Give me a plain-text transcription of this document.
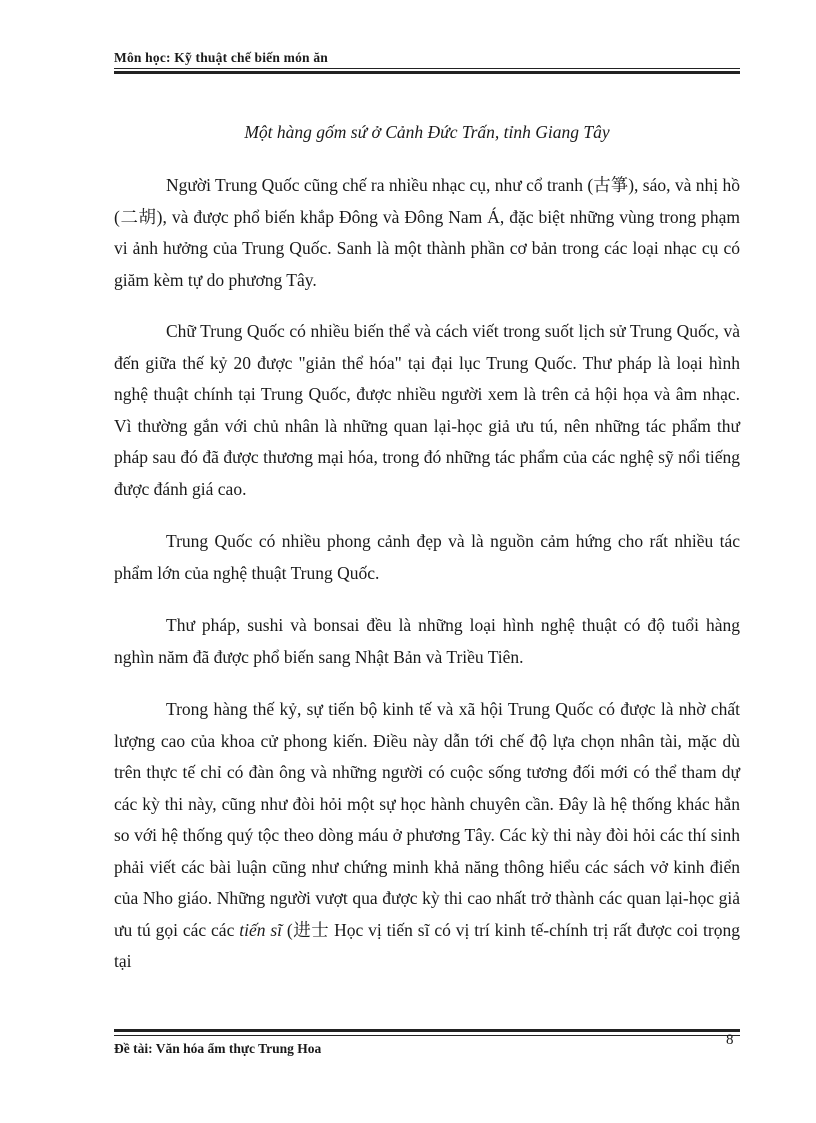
Môn học: Kỹ thuật chế biến món ăn
Một hàng gốm sứ ở Cảnh Đức Trấn, tỉnh Giang Tây

Người Trung Quốc cũng chế ra nhiều nhạc cụ, như cổ tranh (古箏), sáo, và nhị hồ (二胡), và được phổ biến khắp Đông và Đông Nam Á, đặc biệt những vùng trong phạm vi ảnh hưởng của Trung Quốc. Sanh là một thành phần cơ bản trong các loại nhạc cụ có giăm kèm tự do phương Tây.

Chữ Trung Quốc có nhiều biến thể và cách viết trong suốt lịch sử Trung Quốc, và đến giữa thế kỷ 20 được "giản thể hóa" tại đại lục Trung Quốc. Thư pháp là loại hình nghệ thuật chính tại Trung Quốc, được nhiều người xem là trên cả hội họa và âm nhạc. Vì thường gắn với chủ nhân là những quan lại-học giả ưu tú, nên những tác phẩm thư pháp sau đó đã được thương mại hóa, trong đó những tác phẩm của các nghệ sỹ nổi tiếng được đánh giá cao.

Trung Quốc có nhiều phong cảnh đẹp và là nguồn cảm hứng cho rất nhiều tác phẩm lớn của nghệ thuật Trung Quốc.

Thư pháp, sushi và bonsai đều là những loại hình nghệ thuật có độ tuổi hàng nghìn năm đã được phổ biến sang Nhật Bản và Triều Tiên.

Trong hàng thế kỷ, sự tiến bộ kinh tế và xã hội Trung Quốc có được là nhờ chất lượng cao của khoa cử phong kiến. Điều này dẫn tới chế độ lựa chọn nhân tài, mặc dù trên thực tế chỉ có đàn ông và những người có cuộc sống tương đối mới có thể tham dự các kỳ thi này, cũng như đòi hỏi một sự học hành chuyên cần. Đây là hệ thống khác hẳn so với hệ thống quý tộc theo dòng máu ở phương Tây. Các kỳ thi này đòi hỏi các thí sinh phải viết các bài luận cũng như chứng minh khả năng thông hiểu các sách vở kinh điển của Nho giáo. Những người vượt qua được kỳ thi cao nhất trở thành các quan lại-học giả ưu tú gọi các các tiến sĩ (进士 Học vị tiến sĩ có vị trí kinh tế-chính trị rất được coi trọng tại

Đề tài: Văn hóa ẩm thực Trung Hoa
8
